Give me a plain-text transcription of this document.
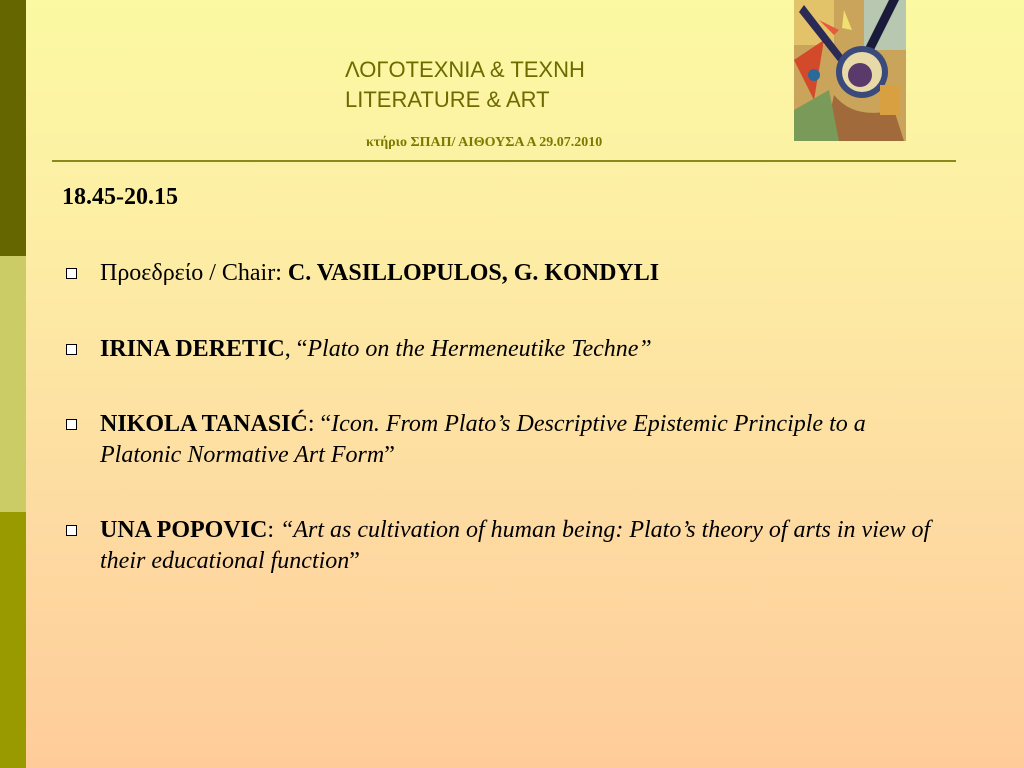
ΛΟΓΟΤΕΧΝΙΑ & ΤΕΧΝΗ
LITERATURE & ART
κτήριο ΣΠΑΠ/ ΑΙΘΟΥΣΑ Α 29.07.2010
18.45-20.15
Προεδρείο / Chair: C. VASILLOPULOS, G. KONDYLI
IRINA DERETIC, “Plato on the Hermeneutike Techne”
NIKOLA TANASIĆ: “Icon. From Plato’s Descriptive Epistemic Principle to a Platonic Normative Art Form”
UNA POPOVIC: “Art as cultivation of human being: Plato’s theory of arts in view of their educational function”
